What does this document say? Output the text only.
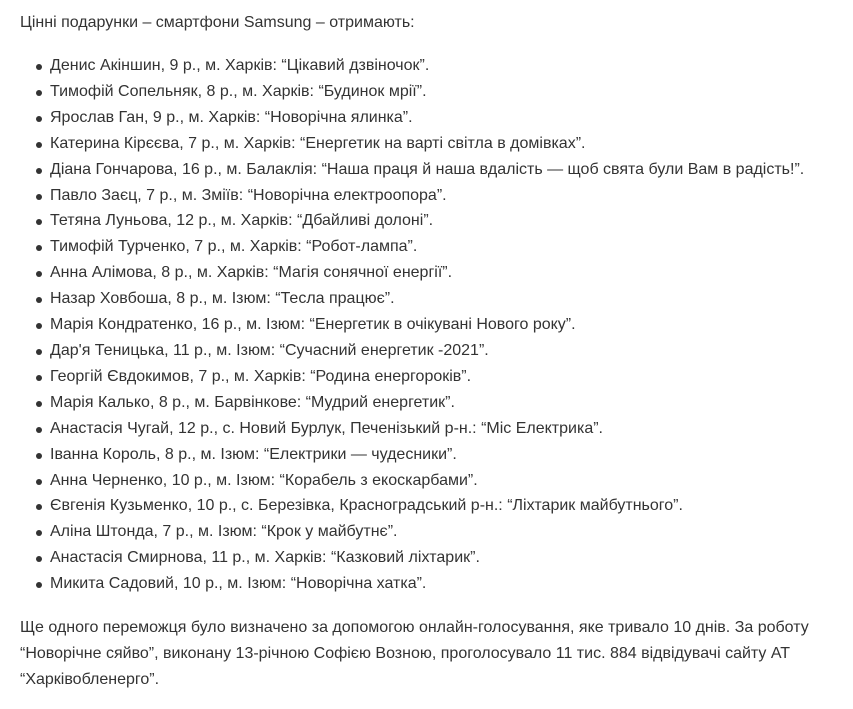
Цінні подарунки – смартфони Samsung – отримають:

Денис Акіншин, 9 р., м. Харків: “Цікавий дзвіночок”.
Тимофій Сопельняк, 8 р., м. Харків: “Будинок мрії”.
Ярослав Ган, 9 р., м. Харків: “Новорічна ялинка”.
Катерина Кірєєва, 7 р., м. Харків: “Енергетик на варті світла в домівках”.
Діана Гончарова, 16 р., м. Балаклія: “Наша праця й наша вдалість — щоб свята були Вам в радість!”.
Павло Заєц, 7 р., м. Зміїв: “Новорічна електроопора”.
Тетяна Луньова, 12 р., м. Харків: “Дбайливі долоні”.
Тимофій Турченко, 7 р., м. Харків: “Робот-лампа”.
Анна Алімова, 8 р., м. Харків: “Магія сонячної енергії”.
Назар Ховбоша, 8 р., м. Ізюм: “Тесла працює”.
Марія Кондратенко, 16 р., м. Ізюм: “Енергетик в очікувані Нового року”.
Дар'я Теницька, 11 р., м. Ізюм: “Сучасний енергетик -2021”.
Георгій Євдокимов, 7 р., м. Харків: “Родина енергороків”.
Марія Калько, 8 р., м. Барвінкове: “Мудрий енергетик”.
Анастасія Чугай, 12 р., с. Новий Бурлук, Печенізький р-н.: “Міс Електрика”.
Іванна Король, 8 р., м. Ізюм: “Електрики — чудесники”.
Анна Черненко, 10 р., м. Ізюм: “Корабель з екоскарбами”.
Євгенія Кузьменко, 10 р., с. Березівка, Красноградський р-н.: “Ліхтарик майбутнього”.
Аліна Штонда, 7 р., м. Ізюм: “Крок у майбутнє”.
Анастасія Смирнова, 11 р., м. Харків: “Казковий ліхтарик”.
Микита Садовий, 10 р., м. Ізюм: “Новорічна хатка”.

Ще одного переможця було визначено за допомогою онлайн-голосування, яке тривало 10 днів. За роботу “Новорічне сяйво”, виконану 13-річною Софією Возною, проголосувало 11 тис. 884 відвідувачі сайту АТ “Харківобленерго”.
